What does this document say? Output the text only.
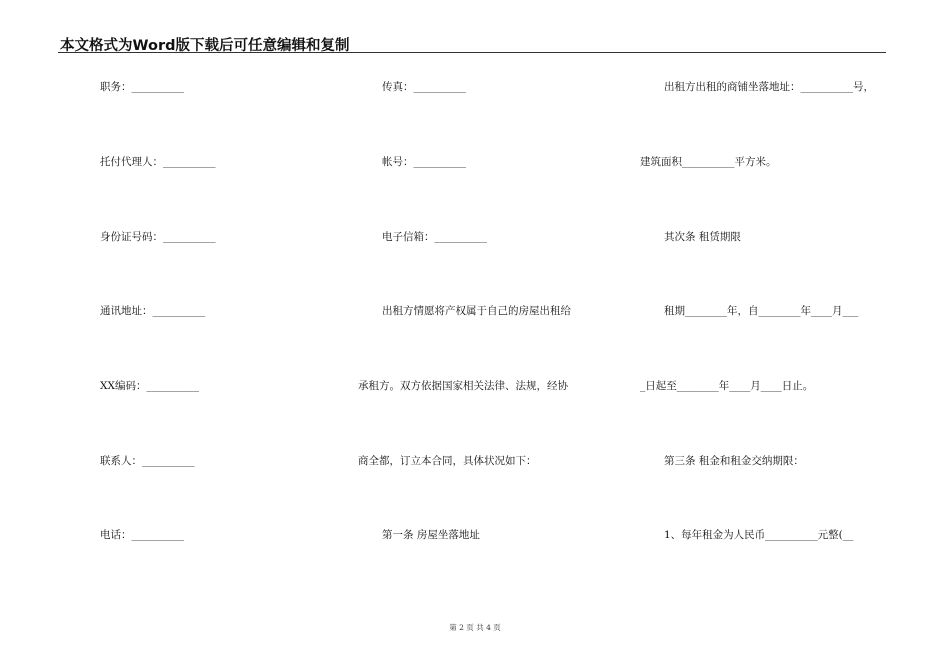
本文格式为Word版下载后可任意编辑和复制
职务：__________
托付代理人：__________
身份证号码：__________
通讯地址：__________
XX编码：__________
联系人：__________
电话：__________
传真：__________
帐号：__________
电子信箱：__________
出租方情愿将产权属于自己的房屋出租给
承租方。双方依据国家相关法律、法规，经协
商全都，订立本合同，具体状况如下：
第一条 房屋坐落地址
出租方出租的商铺坐落地址：__________号，
建筑面积__________平方米。
其次条 租赁期限
租期________年，自________年____月___
_日起至________年____月____日止。
第三条 租金和租金交纳期限：
1、每年租金为人民币__________元整(__
第 2 页 共 4 页
